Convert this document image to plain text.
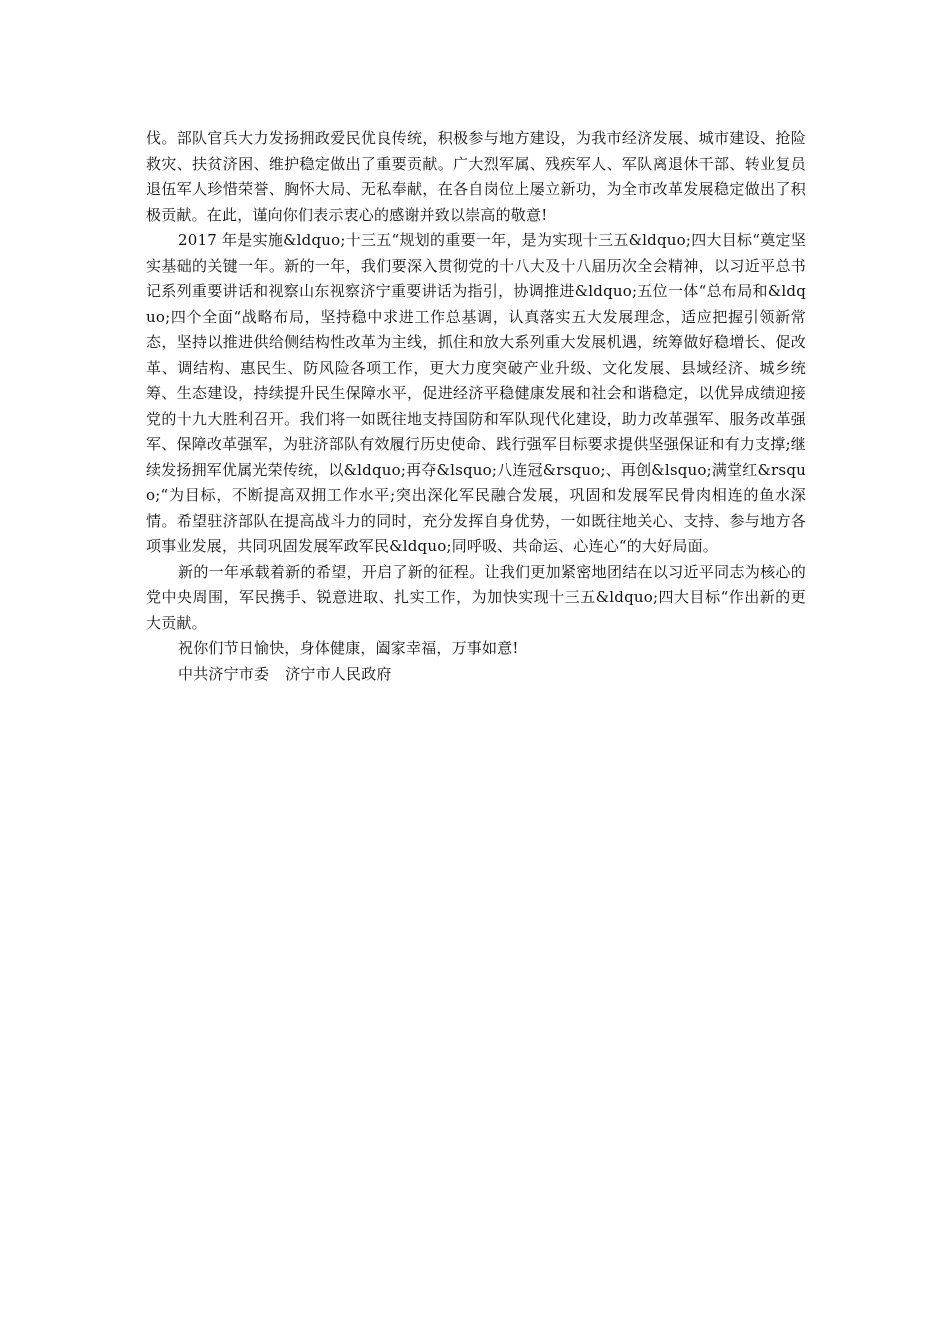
伐。部队官兵大力发扬拥政爱民优良传统，积极参与地方建设，为我市经济发展、城市建设、抢险救灾、扶贫济困、维护稳定做出了重要贡献。广大烈军属、残疾军人、军队离退休干部、转业复员退伍军人珍惜荣誉、胸怀大局、无私奉献，在各自岗位上屡立新功，为全市改革发展稳定做出了积极贡献。在此，谨向你们表示衷心的感谢并致以崇高的敬意!

2017 年是实施&ldquo;十三五“规划的重要一年，是为实现十三五&ldquo;四大目标“奠定坚实基础的关键一年。新的一年，我们要深入贯彻党的十八大及十八届历次全会精神，以习近平总书记系列重要讲话和视察山东视察济宁重要讲话为指引，协调推进&ldquo;五位一体“总布局和&ldquo;四个全面“战略布局，坚持稳中求进工作总基调，认真落实五大发展理念，适应把握引领新常态，坚持以推进供给侧结构性改革为主线，抓住和放大系列重大发展机遇，统筹做好稳增长、促改革、调结构、惠民生、防风险各项工作，更大力度突破产业升级、文化发展、县域经济、城乡统筹、生态建设，持续提升民生保障水平，促进经济平稳健康发展和社会和谐稳定，以优异成绩迎接党的十九大胜利召开。我们将一如既往地支持国防和军队现代化建设，助力改革强军、服务改革强军、保障改革强军，为驻济部队有效履行历史使命、践行强军目标要求提供坚强保证和有力支撑;继续发扬拥军优属光荣传统，以&ldquo;再夺&lsquo;八连冠&rsquo;、再创&lsquo;满堂红&rsquo;“为目标，不断提高双拥工作水平;突出深化军民融合发展，巩固和发展军民骨肉相连的鱼水深情。希望驻济部队在提高战斗力的同时，充分发挥自身优势，一如既往地关心、支持、参与地方各项事业发展，共同巩固发展军政军民&ldquo;同呼吸、共命运、心连心“的大好局面。

新的一年承载着新的希望，开启了新的征程。让我们更加紧密地团结在以习近平同志为核心的党中央周围，军民携手、锐意进取、扎实工作，为加快实现十三五&ldquo;四大目标“作出新的更大贡献。

祝你们节日愉快，身体健康，阖家幸福，万事如意!

中共济宁市委 济宁市人民政府
